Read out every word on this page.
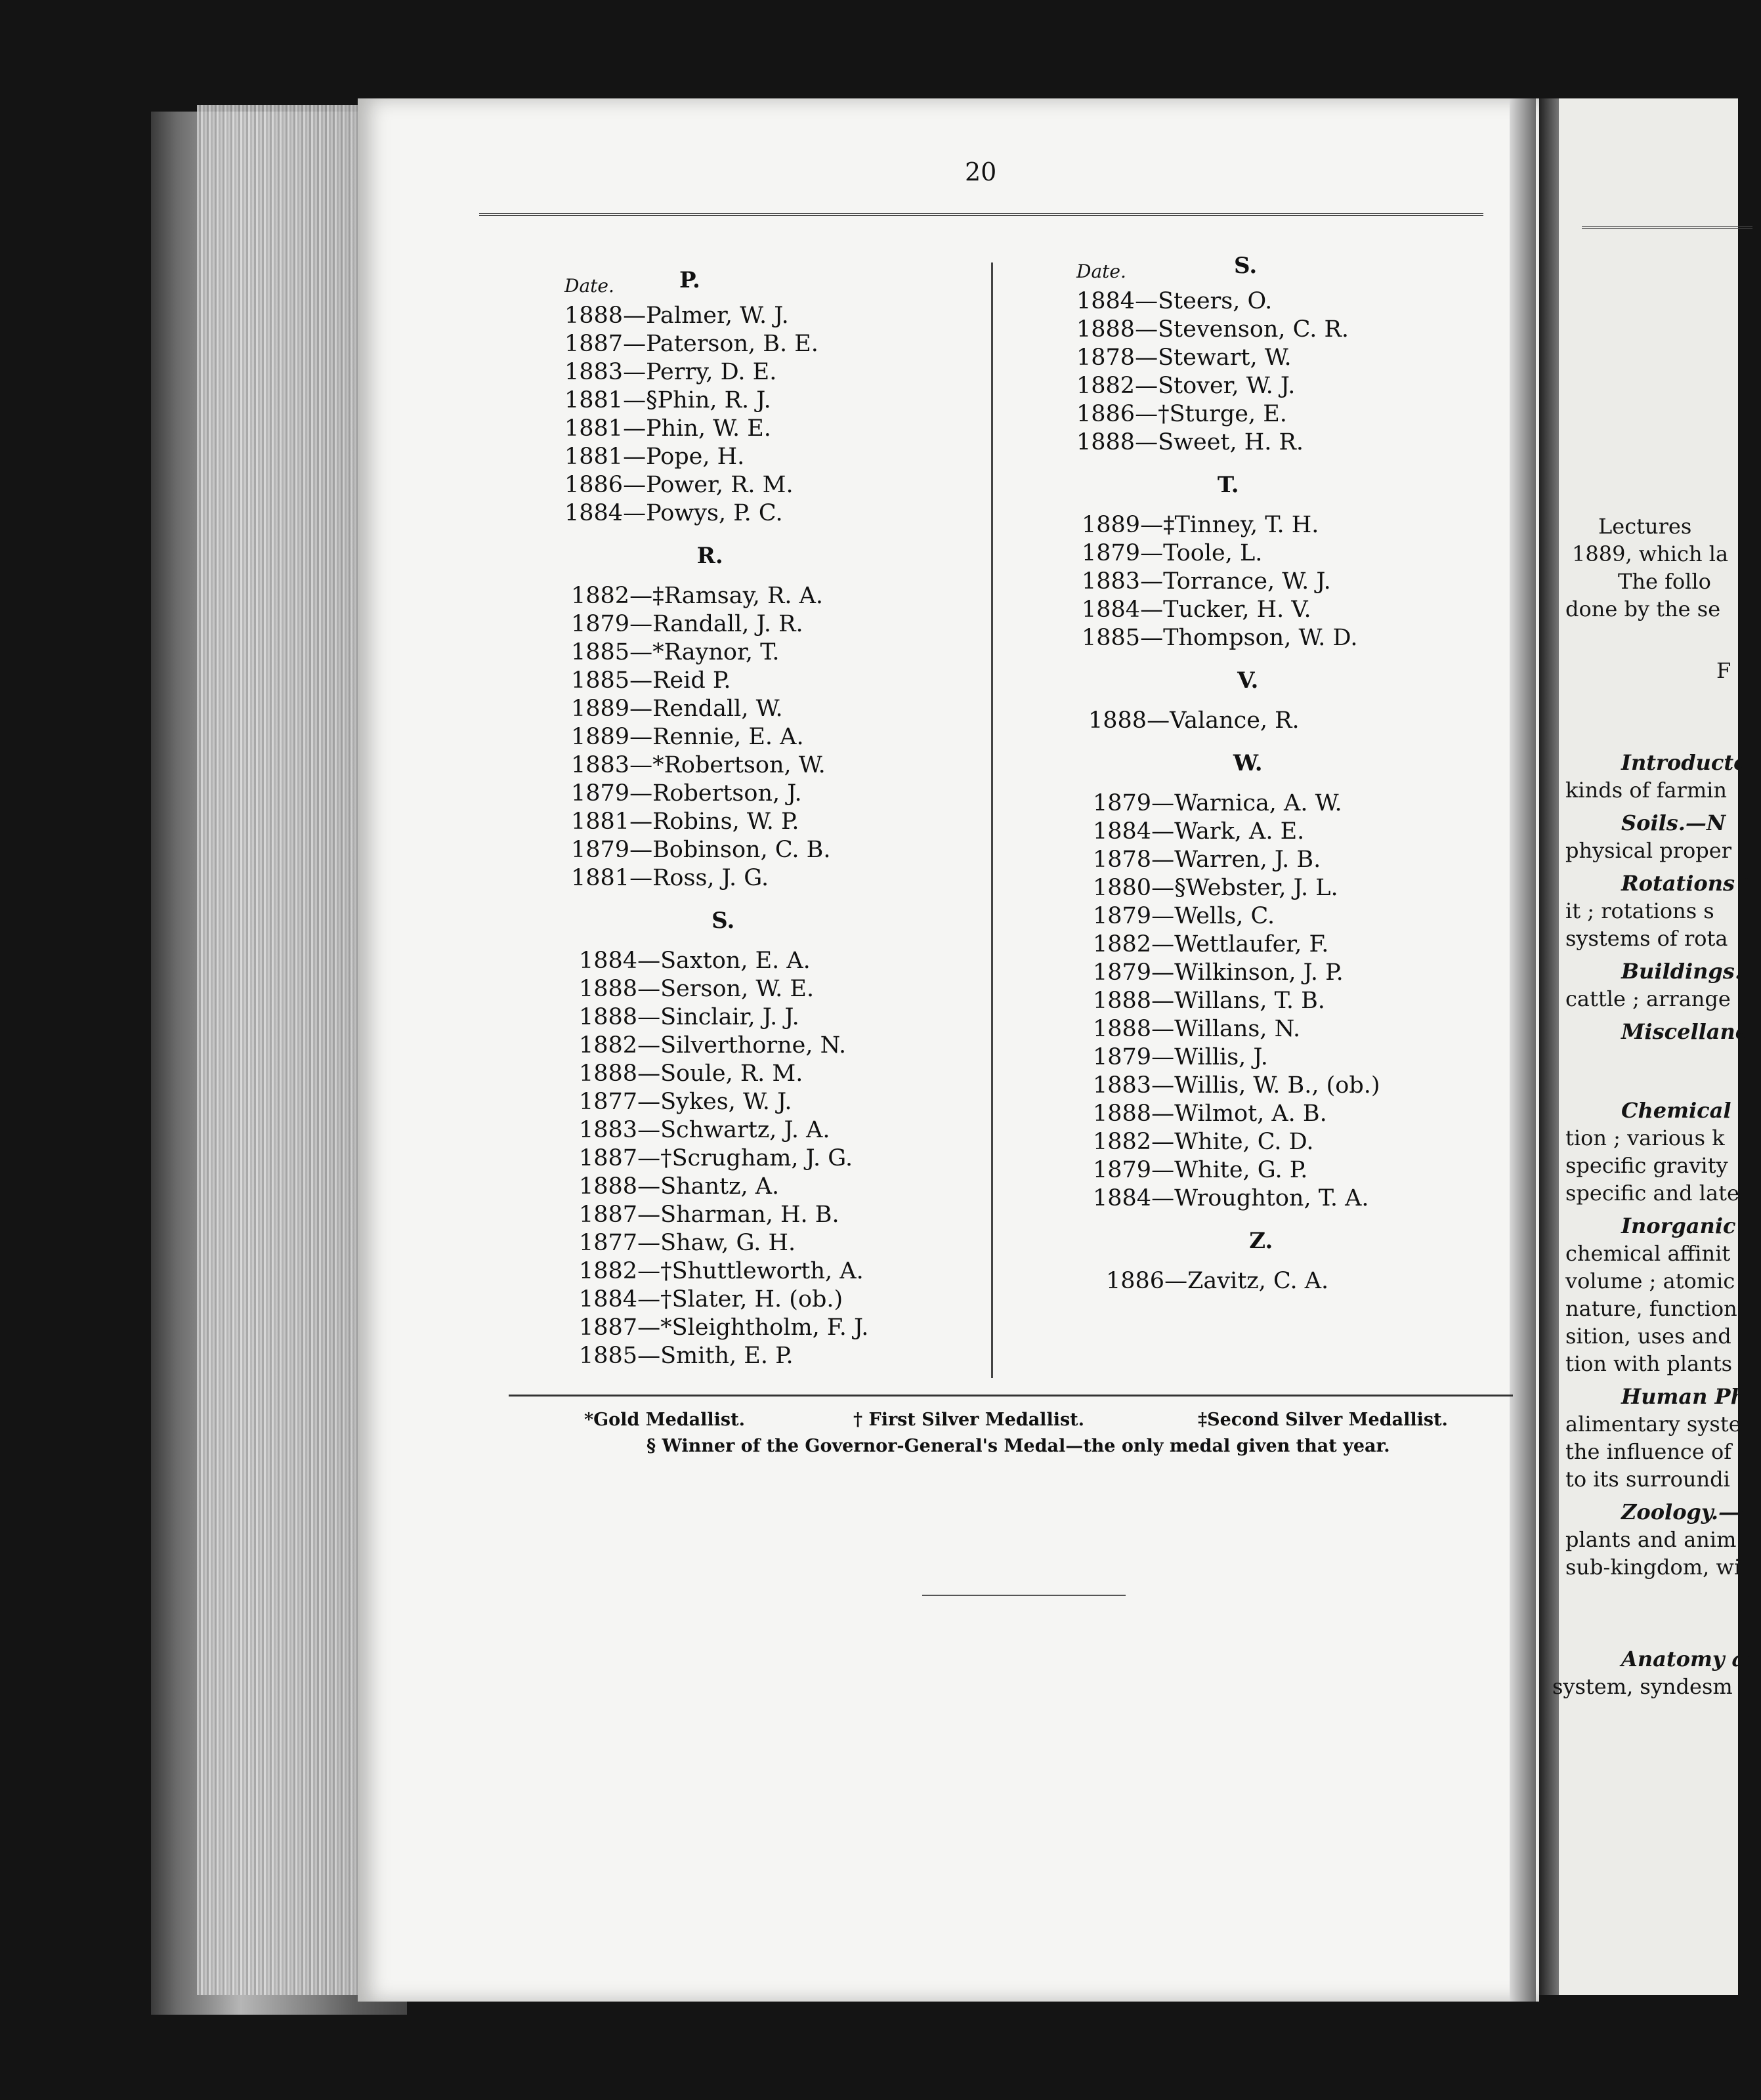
20
Date.	P.
1888—Palmer, W. J.
1887—Paterson, B. E.
1883—Perry, D. E.
1881—§Phin, R. J.
1881—Phin, W. E.
1881—Pope, H.
1886—Power, R. M.
1884—Powys, P. C.
R.
1882—‡Ramsay, R. A.
1879—Randall, J. R.
1885—*Raynor, T.
1885—Reid P.
1889—Rendall, W.
1889—Rennie, E. A.
1883—*Robertson, W.
1879—Robertson, J.
1881—Robins, W. P.
1879—Bobinson, C. B.
1881—Ross, J. G.
S.
1884—Saxton, E. A.
1888—Serson, W. E.
1888—Sinclair, J. J.
1882—Silverthorne, N.
1888—Soule, R. M.
1877—Sykes, W. J.
1883—Schwartz, J. A.
1887—†Scrugham, J. G.
1888—Shantz, A.
1887—Sharman, H. B.
1877—Shaw, G. H.
1882—†Shuttleworth, A.
1884—†Slater, H. (ob.)
1887—*Sleightholm, F. J.
1885—Smith, E. P.
Date.	S.
1884—Steers, O.
1888—Stevenson, C. R.
1878—Stewart, W.
1882—Stover, W. J.
1886—†Sturge, E.
1888—Sweet, H. R.
T.
1889—‡Tinney, T. H.
1879—Toole, L.
1883—Torrance, W. J.
1884—Tucker, H. V.
1885—Thompson, W. D.
V.
1888—Valance, R.
W.
1879—Warnica, A. W.
1884—Wark, A. E.
1878—Warren, J. B.
1880—§Webster, J. L.
1879—Wells, C.
1882—Wettlaufer, F.
1879—Wilkinson, J. P.
1888—Willans, T. B.
1888—Willans, N.
1879—Willis, J.
1883—Willis, W. B., (ob.)
1888—Wilmot, A. B.
1882—White, C. D.
1879—White, G. P.
1884—Wroughton, T. A.
Z.
1886—Zavitz, C. A.
*Gold Medallist.	† First Silver Medallist.	‡Second Silver Medallist.
§ Winner of the Governor-General's Medal—the only medal given that year.
Lectures
1889, which la
The follo
done by the se
F
Introducto
kinds of farmin
Soils.—N
physical proper
Rotations i
it ; rotations s
systems of rota
Buildings.
cattle ; arrange
Miscellane
Chemical
tion ; various k
specific gravity
specific and late
Inorganic
chemical affinit
volume ; atomic
nature, function
sition, uses and
tion with plants
Human Ph
alimentary syste
the influence of
to its surroundi
Zoology.—I
plants and anim
sub-kingdom, wi
Anatomy an
system, syndesm
